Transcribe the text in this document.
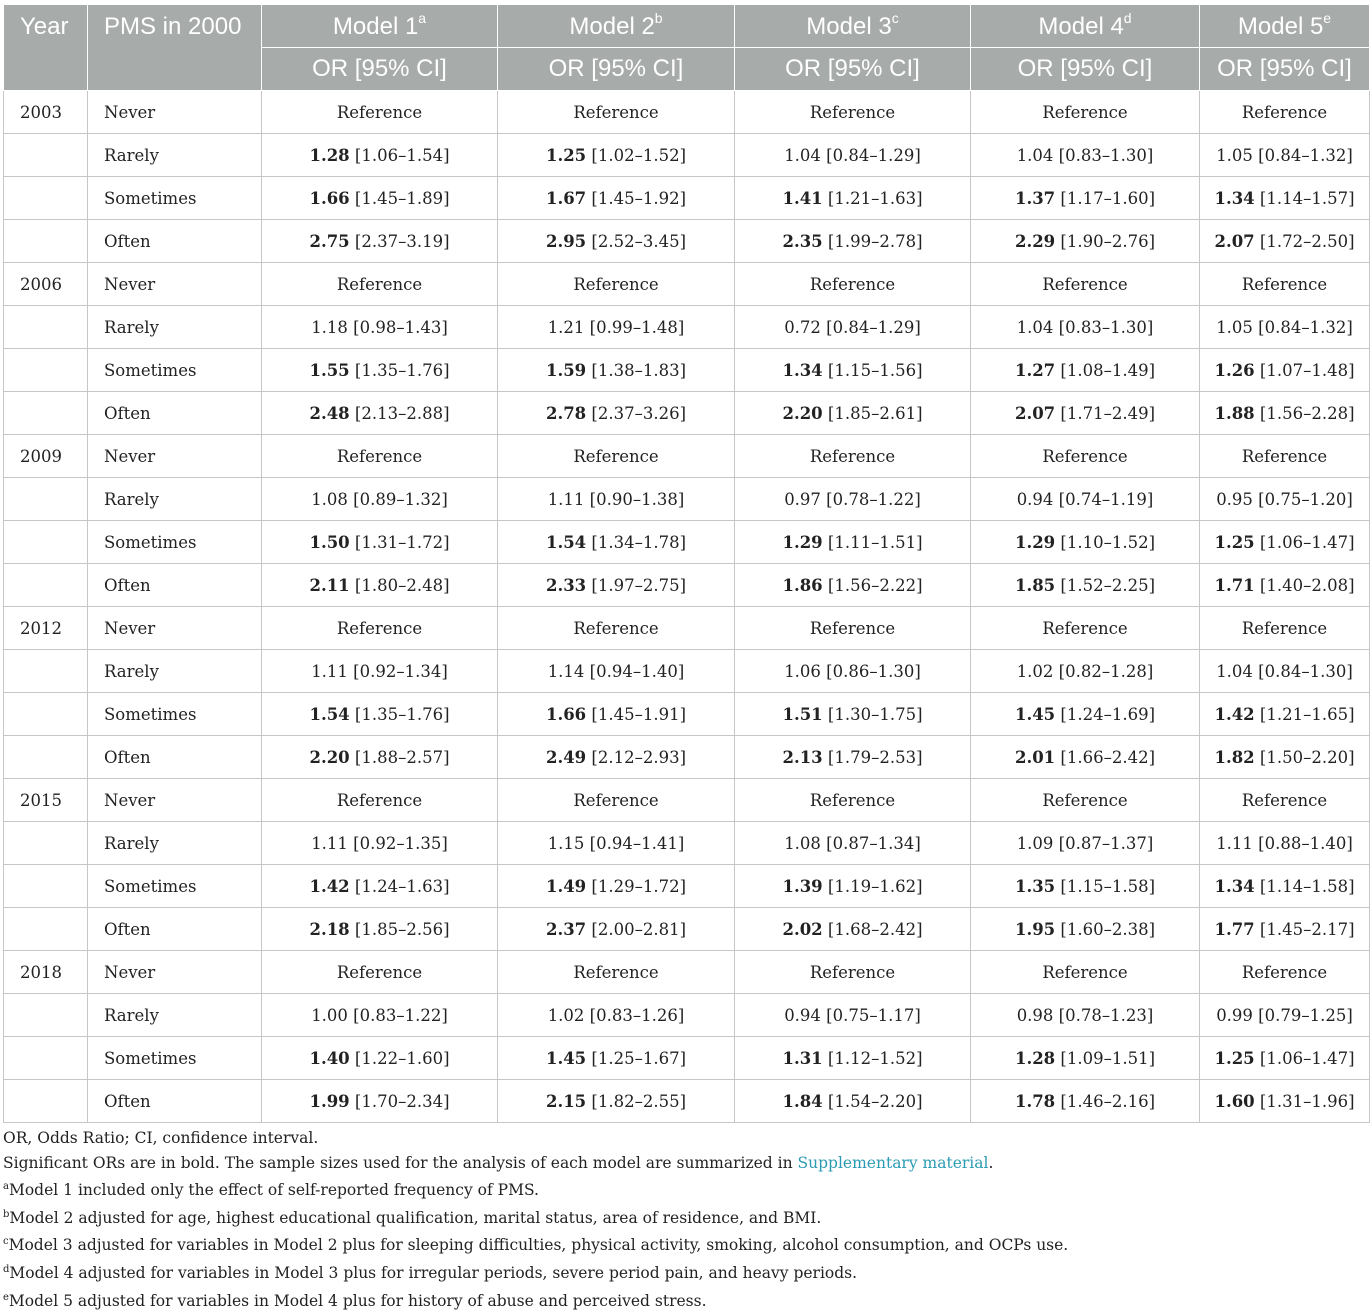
Year	PMS in 2000	Model 1$^a$	Model 2$^b$	Model 3$^c$	Model 4$^d$	Model 5e
		OR [95% CI]	OR [95% CI]	OR [95% CI]	OR [95% CI]	OR [95% CI]
2003	Never	Reference	Reference	Reference	Reference	Reference
	Rarely	1.28 [1.06–1.54]	1.25 [1.02–1.52]	1.04 [0.84–1.29]	1.04 [0.83–1.30]	1.05 [0.84–1.32]
	Sometimes	1.66 [1.45–1.89]	1.67 [1.45–1.92]	1.41 [1.21–1.63]	1.37 [1.17–1.60]	1.34 [1.14–1.57]
	Often	2.75 [2.37–3.19]	2.95 [2.52–3.45]	2.35 [1.99–2.78]	2.29 [1.90–2.76]	2.07 [1.72–2.50]
2006	Never	Reference	Reference	Reference	Reference	Reference
	Rarely	1.18 [0.98–1.43]	1.21 [0.99–1.48]	0.72 [0.84–1.29]	1.04 [0.83–1.30]	1.05 [0.84–1.32]
	Sometimes	1.55 [1.35–1.76]	1.59 [1.38–1.83]	1.34 [1.15–1.56]	1.27 [1.08–1.49]	1.26 [1.07–1.48]
	Often	2.48 [2.13–2.88]	2.78 [2.37–3.26]	2.20 [1.85–2.61]	2.07 [1.71–2.49]	1.88 [1.56–2.28]
2009	Never	Reference	Reference	Reference	Reference	Reference
	Rarely	1.08 [0.89–1.32]	1.11 [0.90–1.38]	0.97 [0.78–1.22]	0.94 [0.74–1.19]	0.95 [0.75–1.20]
	Sometimes	1.50 [1.31–1.72]	1.54 [1.34–1.78]	1.29 [1.11–1.51]	1.29 [1.10–1.52]	1.25 [1.06–1.47]
	Often	2.11 [1.80–2.48]	2.33 [1.97–2.75]	1.86 [1.56–2.22]	1.85 [1.52–2.25]	1.71 [1.40–2.08]
2012	Never	Reference	Reference	Reference	Reference	Reference
	Rarely	1.11 [0.92–1.34]	1.14 [0.94–1.40]	1.06 [0.86–1.30]	1.02 [0.82–1.28]	1.04 [0.84–1.30]
	Sometimes	1.54 [1.35–1.76]	1.66 [1.45–1.91]	1.51 [1.30–1.75]	1.45 [1.24–1.69]	1.42 [1.21–1.65]
	Often	2.20 [1.88–2.57]	2.49 [2.12–2.93]	2.13 [1.79–2.53]	2.01 [1.66–2.42]	1.82 [1.50–2.20]
2015	Never	Reference	Reference	Reference	Reference	Reference
	Rarely	1.11 [0.92–1.35]	1.15 [0.94–1.41]	1.08 [0.87–1.34]	1.09 [0.87–1.37]	1.11 [0.88–1.40]
	Sometimes	1.42 [1.24–1.63]	1.49 [1.29–1.72]	1.39 [1.19–1.62]	1.35 [1.15–1.58]	1.34 [1.14–1.58]
	Often	2.18 [1.85–2.56]	2.37 [2.00–2.81]	2.02 [1.68–2.42]	1.95 [1.60–2.38]	1.77 [1.45–2.17]
2018	Never	Reference	Reference	Reference	Reference	Reference
	Rarely	1.00 [0.83–1.22]	1.02 [0.83–1.26]	0.94 [0.75–1.17]	0.98 [0.78–1.23]	0.99 [0.79–1.25]
	Sometimes	1.40 [1.22–1.60]	1.45 [1.25–1.67]	1.31 [1.12–1.52]	1.28 [1.09–1.51]	1.25 [1.06–1.47]
	Often	1.99 [1.70–2.34]	2.15 [1.82–2.55]	1.84 [1.54–2.20]	1.78 [1.46–2.16]	1.60 [1.31–1.96]

OR, Odds Ratio; CI, confidence interval.

Significant ORs are in bold. The sample sizes used for the analysis of each model are summarized in Supplementary material.

$^a$Model 1 included only the effect of self-reported frequency of PMS.

$^b$Model 2 adjusted for age, highest educational qualification, marital status, area of residence, and BMI.

$^c$Model 3 adjusted for variables in Model 2 plus for sleeping difficulties, physical activity, smoking, alcohol consumption, and OCPs use.

$^d$Model 4 adjusted for variables in Model 3 plus for irregular periods, severe period pain, and heavy periods.

$^e$Model 5 adjusted for variables in Model 4 plus for history of abuse and perceived stress.
